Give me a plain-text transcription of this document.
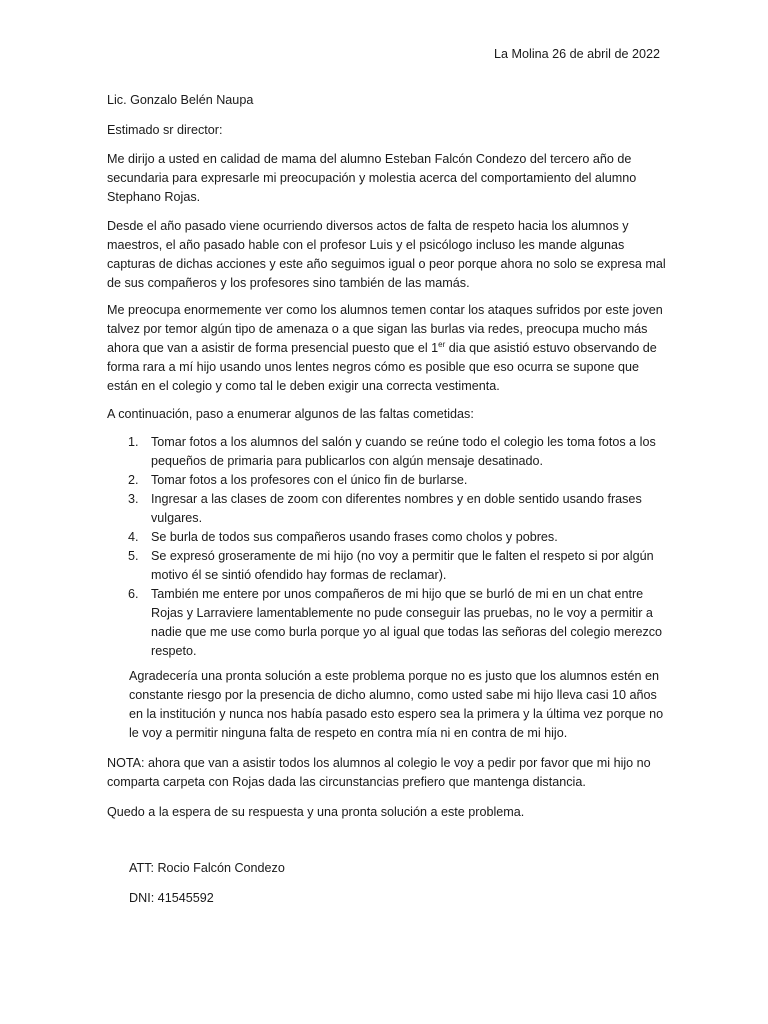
La Molina 26 de abril de 2022

Lic. Gonzalo Belén Naupa

Estimado sr director:

Me dirijo a usted en calidad de mama del alumno Esteban Falcón Condezo del tercero año de secundaria para expresarle mi preocupación y molestia acerca del comportamiento del alumno Stephano Rojas.

Desde el año pasado viene ocurriendo diversos actos de falta de respeto hacia los alumnos y maestros, el año pasado hable con el profesor Luis y el psicólogo incluso les mande algunas capturas de dichas acciones y este año seguimos igual o peor porque ahora no solo se expresa mal de sus compañeros y los profesores sino también de las mamás.

Me preocupa enormemente ver como los alumnos temen contar los ataques sufridos por este joven talvez por temor algún tipo de amenaza o a que sigan las burlas via redes, preocupa mucho más ahora que van a asistir de forma presencial puesto que el 1er dia que asistió estuvo observando de forma rara a mí hijo usando unos lentes negros cómo es posible que eso ocurra se supone que están en el colegio y como tal le deben exigir una correcta vestimenta.

A continuación, paso a enumerar algunos de las faltas cometidas:

1. Tomar fotos a los alumnos del salón y cuando se reúne todo el colegio les toma fotos a los pequeños de primaria para publicarlos con algún mensaje desatinado.
2. Tomar fotos a los profesores con el único fin de burlarse.
3. Ingresar a las clases de zoom con diferentes nombres y en doble sentido usando frases vulgares.
4. Se burla de todos sus compañeros usando frases como cholos y pobres.
5. Se expresó groseramente de mi hijo (no voy a permitir que le falten el respeto si por algún motivo él se sintió ofendido hay formas de reclamar).
6. También me entere por unos compañeros de mi hijo que se burló de mi en un chat entre Rojas y Larraviere lamentablemente no pude conseguir las pruebas, no le voy a permitir a nadie que me use como burla porque yo al igual que todas las señoras del colegio merezco respeto.

Agradecería una pronta solución a este problema porque no es justo que los alumnos estén en constante riesgo por la presencia de dicho alumno, como usted sabe mi hijo lleva casi 10 años en la institución y nunca nos había pasado esto espero sea la primera y la última vez porque no le voy a permitir ninguna falta de respeto en contra mía ni en contra de mi hijo.

NOTA: ahora que van a asistir todos los alumnos al colegio le voy a pedir por favor que mi hijo no comparta carpeta con Rojas dada las circunstancias prefiero que mantenga distancia.

Quedo a la espera de su respuesta y una pronta solución a este problema.

ATT: Rocio Falcón Condezo

DNI: 41545592
